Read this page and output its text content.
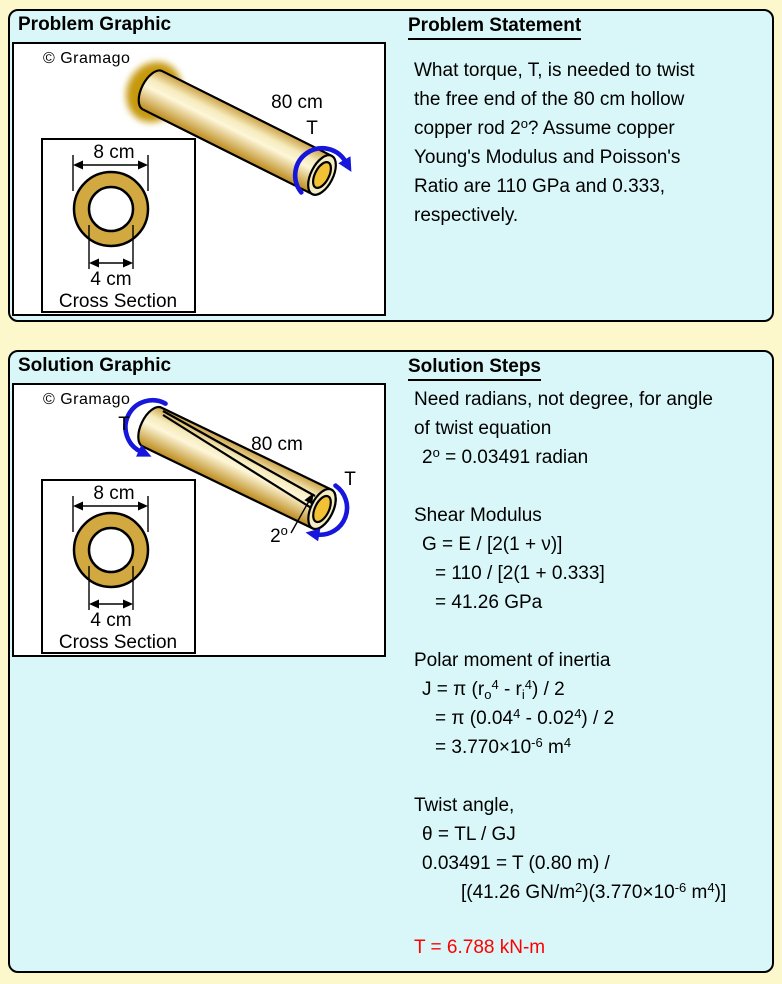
Problem Graphic
© Gramago
80 cm
T
8 cm
4 cm
Cross Section
Problem Statement
What torque, T, is needed to twist
the free end of the 80 cm hollow
copper rod 2$^o$? Assume copper
Young's Modulus and Poisson's
Ratio are 110 GPa and 0.333,
respectively.
Solution Graphic
© Gramago
T
T
80 cm
2$^o$
8 cm
4 cm
Cross Section
Solution Steps
Need radians, not degree, for angle
of twist equation
$2^o = 0.03491$ radian
Shear Modulus
G = E / [2(1 + ν)]
= 110 / [2(1 + 0.333]
= 41.26 GPa
Polar moment of inertia
J = π $(r_o^4 - r_i^4) / 2$
= π (0.04$^4$ - 0.02$^4$) / 2
= $3.770\times 10^{-6}$ $m^4$
Twist angle,
θ = TL / GJ
0.03491 = T (0.80 m) /
[(41.26 $GN/m^2)(3.770\times 10^{-6}$ $m^4$)]
T = 6.788 kN-m
